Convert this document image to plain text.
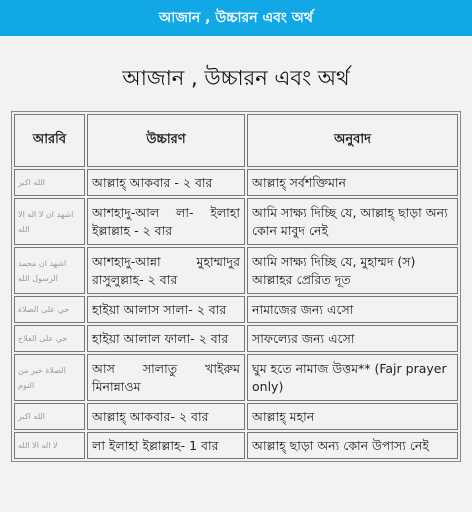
আজান , উচ্চারন এবং অর্থ
আজান , উচ্চারন এবং অর্থ
আরবি	উচ্চারণ	অনুবাদ
الله اكبر	আল্লাহ্‌ আকবার - ২ বার	আল্লাহ্‌ সর্বশক্তিমান
اشهد ان لا اله الا الله	আশহাদু-আল লা- ইলাহা ইল্লাল্লাহ - ২ বার	আমি সাক্ষ্য দিচ্ছি যে, আল্লাহ্‌ ছাড়া অন্য কোন মাবুদ নেই
اشهد ان محمد الرسول الله	আশহাদু-আন্না মুহাম্মাদুর রাসুলুল্লাহ- ২ বার	আমি সাক্ষ্য দিচ্ছি যে, মুহাম্মদ (স) আল্লাহর প্রেরিত দূত
حي على الصلاة	হাইয়া আলাস সালা- ২ বার	নামাজের জন্য এসো
حي على الفلاح	হাইয়া আলাল ফালা- ২ বার	সাফল্যের জন্য এসো
الصلاة خير من النوم	আস সালাতু খাইরুম মিনান্নাওম	ঘুম হতে নামাজ উত্তম** (Fajr prayer only)
الله اكبر	আল্লাহ্‌ আকবার- ২ বার	আল্লাহ্‌ মহান
لا اله الا الله	লা ইলাহা ইল্লাল্লাহ- 1 বার	আল্লাহ্‌ ছাড়া অন্য কোন উপাস্য নেই
